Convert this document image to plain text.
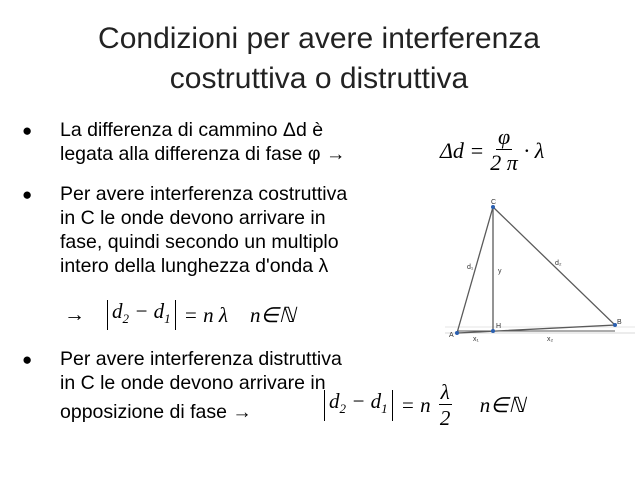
Condizioni per avere interferenza
costruttiva o distruttiva
● La differenza di cammino Δd è
legata alla differenza di fase φ →	$\Delta d = \frac{\varphi}{2 \pi} \cdot \lambda$
● Per avere interferenza costruttiva
in C le onde devono arrivare in
fase, quindi secondo un multiplo
intero della lunghezza d'onda λ
→ $d_2 - d_1 = n$ λ n∈ℕ
● Per avere interferenza distruttiva
in C le onde devono arrivare in
opposizione di fase →	$d_2 - d_1 = n \frac{\lambda}{2}$ n∈ℕ
A
C
B
H
d₁
d₂
y
x₁	x₂
